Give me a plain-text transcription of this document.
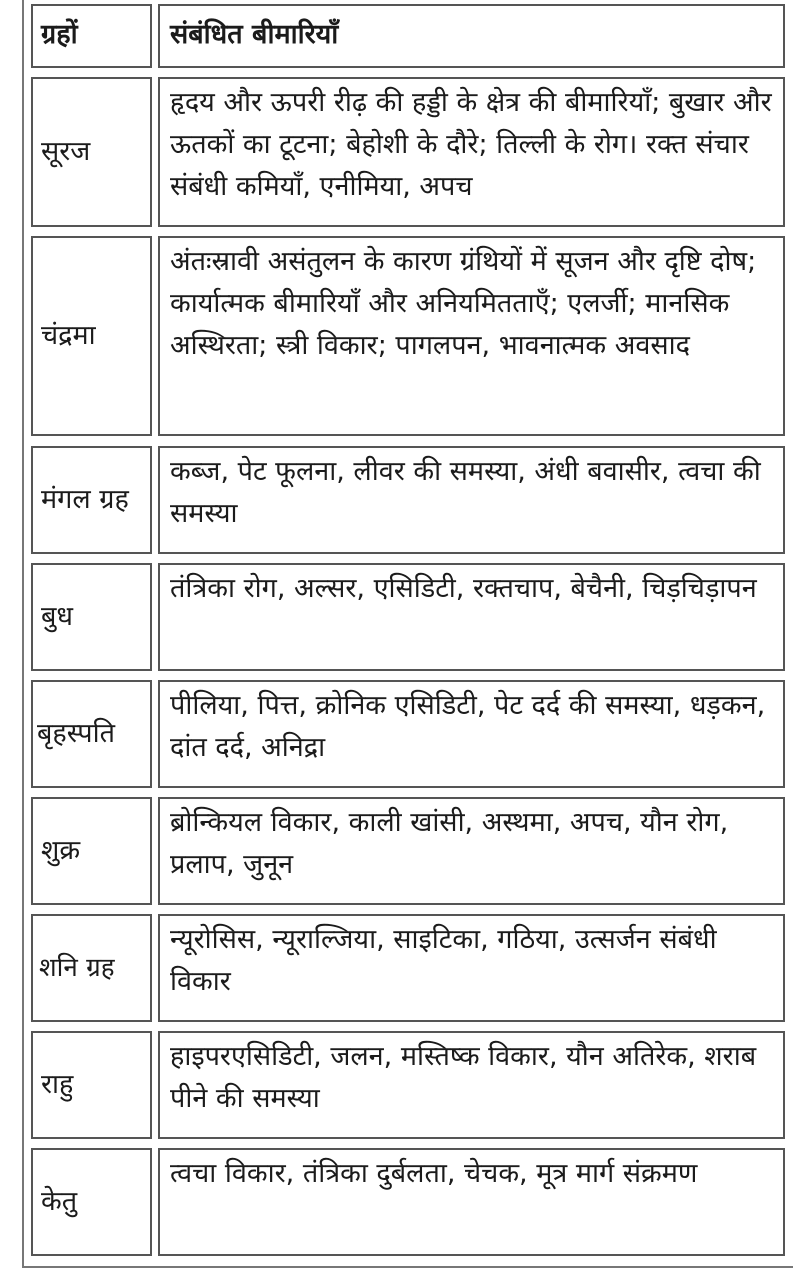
ग्रहों	संबंधित बीमारियाँ
सूरज
हृदय और ऊपरी रीढ़ की हड्डी के क्षेत्र की बीमारियाँ; बुखार और ऊतकों का टूटना; बेहोशी के दौरे; तिल्ली के रोग। रक्त संचार संबंधी कमियाँ, एनीमिया, अपच
चंद्रमा
अंतःस्रावी असंतुलन के कारण ग्रंथियों में सूजन और दृष्टि दोष; कार्यात्मक बीमारियाँ और अनियमितताएँ; एलर्जी; मानसिक अस्थिरता; स्त्री विकार; पागलपन, भावनात्मक अवसाद
मंगल ग्रह
कब्ज, पेट फूलना, लीवर की समस्या, अंधी बवासीर, त्वचा की समस्या
बुध
तंत्रिका रोग, अल्सर, एसिडिटी, रक्तचाप, बेचैनी, चिड़चिड़ापन
बृहस्पति
पीलिया, पित्त, क्रोनिक एसिडिटी, पेट दर्द की समस्या, धड़कन, दांत दर्द, अनिद्रा
शुक्र
ब्रोन्कियल विकार, काली खांसी, अस्थमा, अपच, यौन रोग, प्रलाप, जुनून
शनि ग्रह
न्यूरोसिस, न्यूराल्जिया, साइटिका, गठिया, उत्सर्जन संबंधी विकार
राहु
हाइपरएसिडिटी, जलन, मस्तिष्क विकार, यौन अतिरेक, शराब पीने की समस्या
केतु
त्वचा विकार, तंत्रिका दुर्बलता, चेचक, मूत्र मार्ग संक्रमण
